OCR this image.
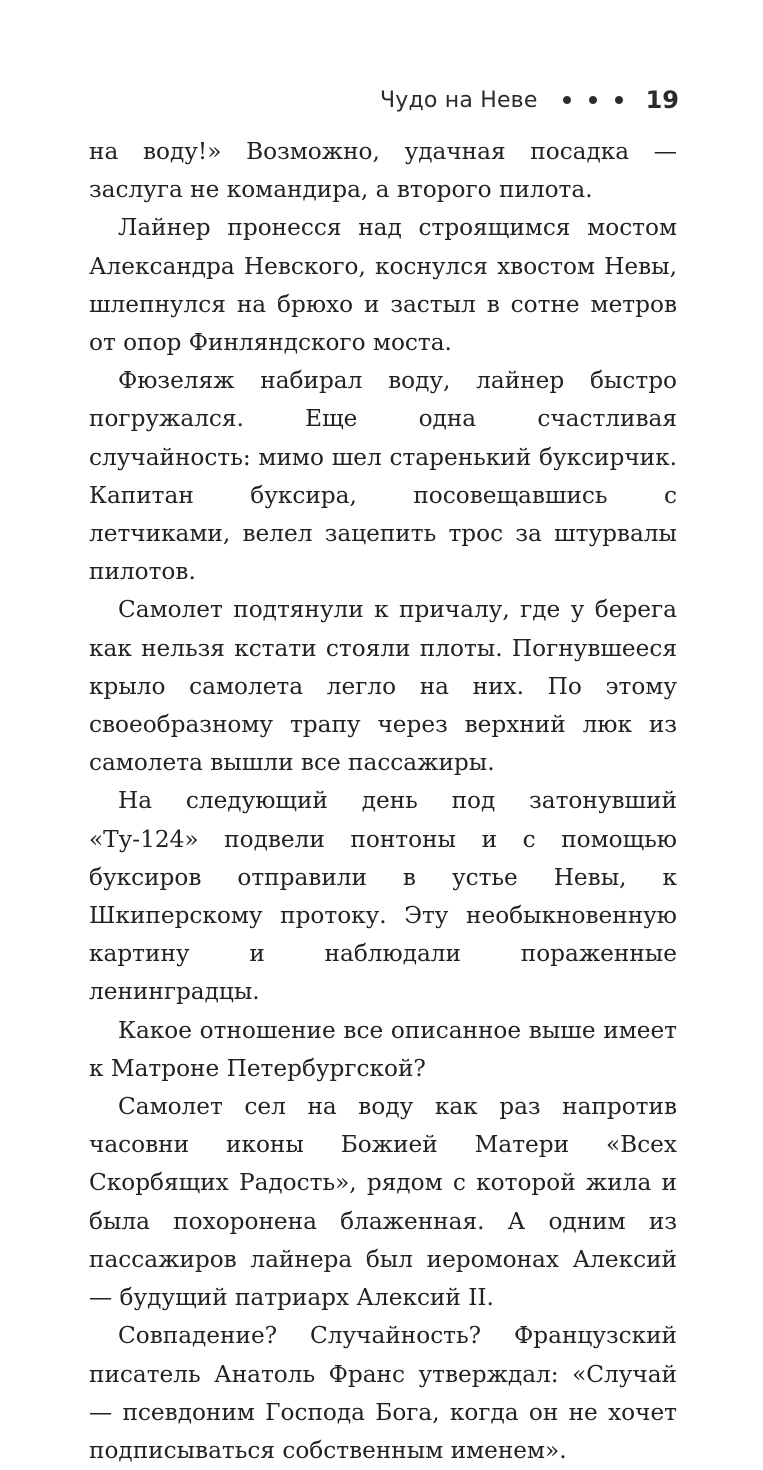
Чудо на Неве	19

на воду!» Возможно, удачная посадка — заслуга не командира, а второго пилота.

Лайнер пронесся над строящимся мостом Александра Невского, коснулся хвостом Невы, шлепнулся на брюхо и застыл в сотне метров от опор Финляндского моста.

Фюзеляж набирал воду, лайнер быстро погружался. Еще одна счастливая случайность: мимо шел старенький буксирчик. Капитан буксира, посовещавшись с летчиками, велел зацепить трос за штурвалы пилотов.

Самолет подтянули к причалу, где у берега как нельзя кстати стояли плоты. Погнувшееся крыло самолета легло на них. По этому своеобразному трапу через верхний люк из самолета вышли все пассажиры.

На следующий день под затонувший «Ту-124» подвели понтоны и с помощью буксиров отправили в устье Невы, к Шкиперскому протоку. Эту необыкновенную картину и наблюдали пораженные ленинградцы.

Какое отношение все описанное выше имеет к Матроне Петербургской?

Самолет сел на воду как раз напротив часовни иконы Божией Матери «Всех Скорбящих Радость», рядом с которой жила и была похоронена блаженная. А одним из пассажиров лайнера был иеромонах Алексий — будущий патриарх Алексий II.

Совпадение? Случайность? Французский писатель Анатоль Франс утверждал: «Случай — псевдоним Господа Бога, когда он не хочет подписываться собственным именем».
